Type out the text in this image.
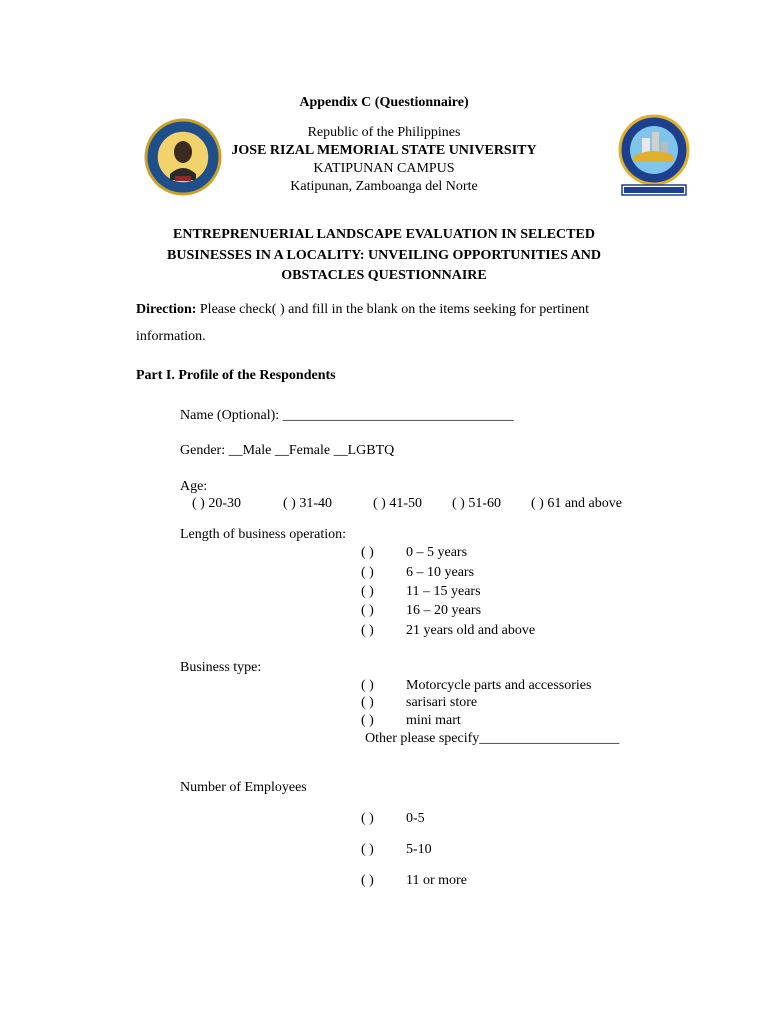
Appendix C (Questionnaire)
Republic of the Philippines
JOSE RIZAL MEMORIAL STATE UNIVERSITY
KATIPUNAN CAMPUS
Katipunan, Zamboanga del Norte
ENTREPRENUERIAL LANDSCAPE EVALUATION IN SELECTED
BUSINESSES IN A LOCALITY: UNVEILING OPPORTUNITIES AND
OBSTACLES QUESTIONNAIRE
Direction: Please check( ) and fill in the blank on the items seeking for pertinent
information.
Part I. Profile of the Respondents
Name (Optional): _________________________________
Gender: __Male __Female __LGBTQ
Age:
( ) 20-30	( ) 31-40	( ) 41-50 ( ) 51-60 ( ) 61 and above
Length of business operation:
( ) 0 – 5 years
( ) 6 – 10 years
( ) 11 – 15 years
( ) 16 – 20 years
( ) 21 years old and above
Business type:
( ) Motorcycle parts and accessories
( ) sarisari store
( ) mini mart
Other please specify____________________
Number of Employees
( ) 0-5
( ) 5-10
( ) 11 or more
